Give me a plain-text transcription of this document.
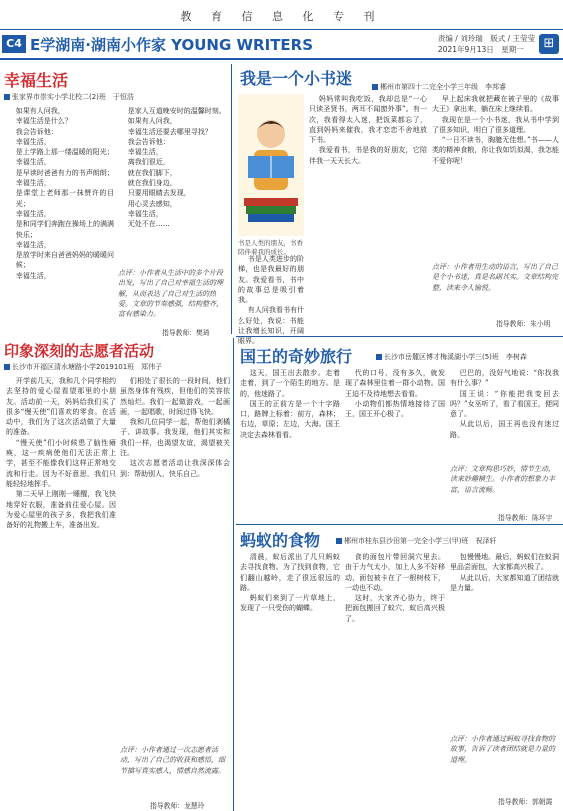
教 育 信 息 化 专 刊
C4 E学湖南·湖南小作家 YOUNG WRITERS	责编 / 刘玲瑞　版式 / 王莹莹
2021年9月13日　星期一	⊞
幸福生活
张家界市崇实小学北校二(2)班　于恒浩

如果有人问我，

幸福生活是什么？

我会告诉他：

幸福生活，

是上学路上那一缕温暖的阳光；

幸福生活，

是早读时爸爸有力的书声朗朗；

幸福生活，

是课堂上老师那一抹赞许的目光；

幸福生活，

是和同学们奔跑在操场上的满满快乐；

幸福生活，

是放学时来自爸爸妈妈的暖暖问候；

幸福生活，

是家人互道晚安时的温馨时刻。

如果有人问我，

幸福生活还要去哪里寻找？

我会告诉他：

幸福生活，

离我们很近，

就在我们脚下，

就在我们身边，

只要用眼睛去发现，

用心灵去感知，

幸福生活，

无处不在……

点评：小作者从生活中的多个片段出发，写出了自己对幸福生活的理解，从而表达了自己对生活的热爱。文章的节奏感强，结构整齐，富有感染力。
指导教师：樊琦
我是一个小书迷	郴州市第四十二完全小学三年级　李邦睿
书是人类的朋友，书香陪伴着我的成长。

书是人类进步的阶梯，也是我最好的朋友。我爱看书，书中的故事总是吸引着我。

有人问我看书有什么好处，我说：书能让我增长知识，开阔眼界。

妈妈常叫我吃饭，我却总是“一心只读圣贤书，两耳不闻窗外事”。有一次，我看得太入迷，把饭菜都忘了，直到妈妈来催我，我才恋恋不舍地放下书。

我爱看书，书是我的好朋友，它陪伴我一天天长大。

早上起床我就把藏在被子里的《故事大王》拿出来，躺在床上继续看。

我现在是一个小书迷，我从书中学到了很多知识，明白了很多道理。

“一日不读书，胸臆无佳想。”书——人类的精神食粮，你让我如饥似渴，我怎能不爱你呢！

点评：小作者用生动的语言，写出了自己是个小书迷，真是名副其实。文章结构完整，读来令人愉悦。
指导教师：朱小明
印象深刻的志愿者活动
长沙市开福区清水塘路小学2019101班　郑伟子

开学前几天，我和几个同学相约去坚持的爱心屋看望那里的小朋友。活动前一天，妈妈给我们买了很多“慢天使”们喜欢的零食。在活动中，我们为了这次活动做了大量的准备。

“慢天使”们小时候患了脑性瘫痪，这一疾病使他们无法正常上学，甚至不能像我们这样正常地交流和行走。因为不好意思，我们只能轻轻地挥手。

第二天早上刚刚一睡醒，我飞快地穿好衣服，准备前往爱心屋。因为爱心屋里的孩子多，我把我们准备好的礼物搬上车，准备出发。

们相处了很长的一段时间，他们虽然身体有残疾，但他们的笑容依然灿烂。我们一起做游戏，一起画画，一起唱歌，时间过得飞快。

我和几位同学一起，帮他们剥橘子、讲故事。我发现，他们其实和我们一样，也渴望友谊，渴望被关注。

这次志愿者活动让我深深体会到：帮助别人，快乐自己。

点评：小作者通过一次志愿者活动，写出了自己的收获和感悟，细节描写真实感人，情感自然流露。
指导教师：龙慧玲
国王的奇妙旅行	长沙市岳麓区博才梅溪湖小学三(5)班　李树森

这天，国王出去散步。走着走着，到了一个陌生的地方。是的，他迷路了。

国王的正前方是一个十字路口，路牌上标着：前方，森林；右边，草原；左边，大海。国王决定去森林看看。

代的口号，没有多久，就发现了森林里住着一群小动物。国王迫不及待地想去看看。

小动物们都热情地接待了国王，国王开心极了。

巴巴的，没好气地说：“你找我有什么事？”

国王说：“你能把我变回去吗？”女巫听了，看了看国王，便同意了。

从此以后，国王再也没有迷过路。

点评：文章构思巧妙，情节生动，读来妙趣横生。小作者的想象力丰富，语言流畅。
指导教师：陈环宇
蚂蚁的食物	郴州市桂东县沙田第一完全小学三(甲)班　祝泽轩

清晨，蚁后派出了几只蚂蚁去寻找食物。为了找到食物，它们翻山越岭，走了很远很远的路。

蚂蚁们来到了一片草地上，发现了一只受伤的蝴蝶。

食的面包片带回洞穴里去。由于力气太小，加上人多不好移动，面包被卡在了一根树枝下，一动也不动。

这时，大家齐心协力，终于把面包搬回了蚁穴，蚁后高兴极了。

包慢慢地。最后，蚂蚁们在蚁洞里品尝面包，大家都高兴极了。

从此以后，大家都知道了团结就是力量。

点评：小作者通过蚂蚁寻找食物的故事，告诉了读者团结就是力量的道理。
指导教师：郭朝霞
